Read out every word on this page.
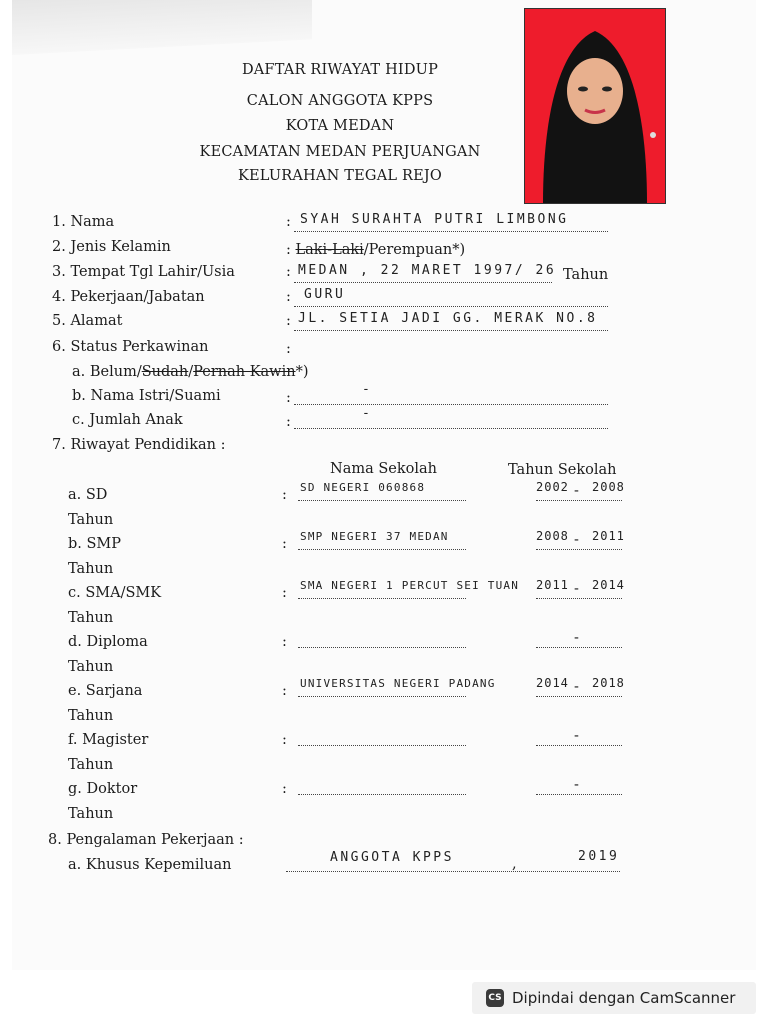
DAFTAR RIWAYAT HIDUP
CALON ANGGOTA KPPS
KOTA MEDAN
KECAMATAN MEDAN PERJUANGAN
KELURAHAN TEGAL REJO
1. Nama	: SYAH SURAHTA PUTRI LIMBONG
2. Jenis Kelamin	: Laki-Laki/Perempuan*)
3. Tempat Tgl Lahir/Usia	: MEDAN , 22 MARET 1997/ 26 Tahun
4. Pekerjaan/Jabatan	: GURU
5. Alamat	: JL. SETIA JADI GG. MERAK NO.8
6. Status Perkawinan	:
a. Belum/Sudah/Pernah Kawin*)
b. Nama Istri/Suami	:
-
c. Jumlah Anak	:
-
7. Riwayat Pendidikan :
Nama Sekolah	Tahun Sekolah
a. SD	: SD NEGERI 060868	2002 - 2008
Tahun
b. SMP	: SMP NEGERI 37 MEDAN	2008 - 2011
Tahun
c. SMA/SMK	: SMA NEGERI 1 PERCUT SEI TUAN 2011 - 2014
Tahun
d. Diploma	:	-
Tahun
e. Sarjana	: UNIVERSITAS NEGERI PADANG	2014 - 2018
Tahun
f. Magister	:	-
Tahun
g. Doktor	:	-
Tahun
8. Pengalaman Pekerjaan :
a. Khusus Kepemiluan	ANGGOTA KPPS	,	2019
CS Dipindai dengan CamScanner
